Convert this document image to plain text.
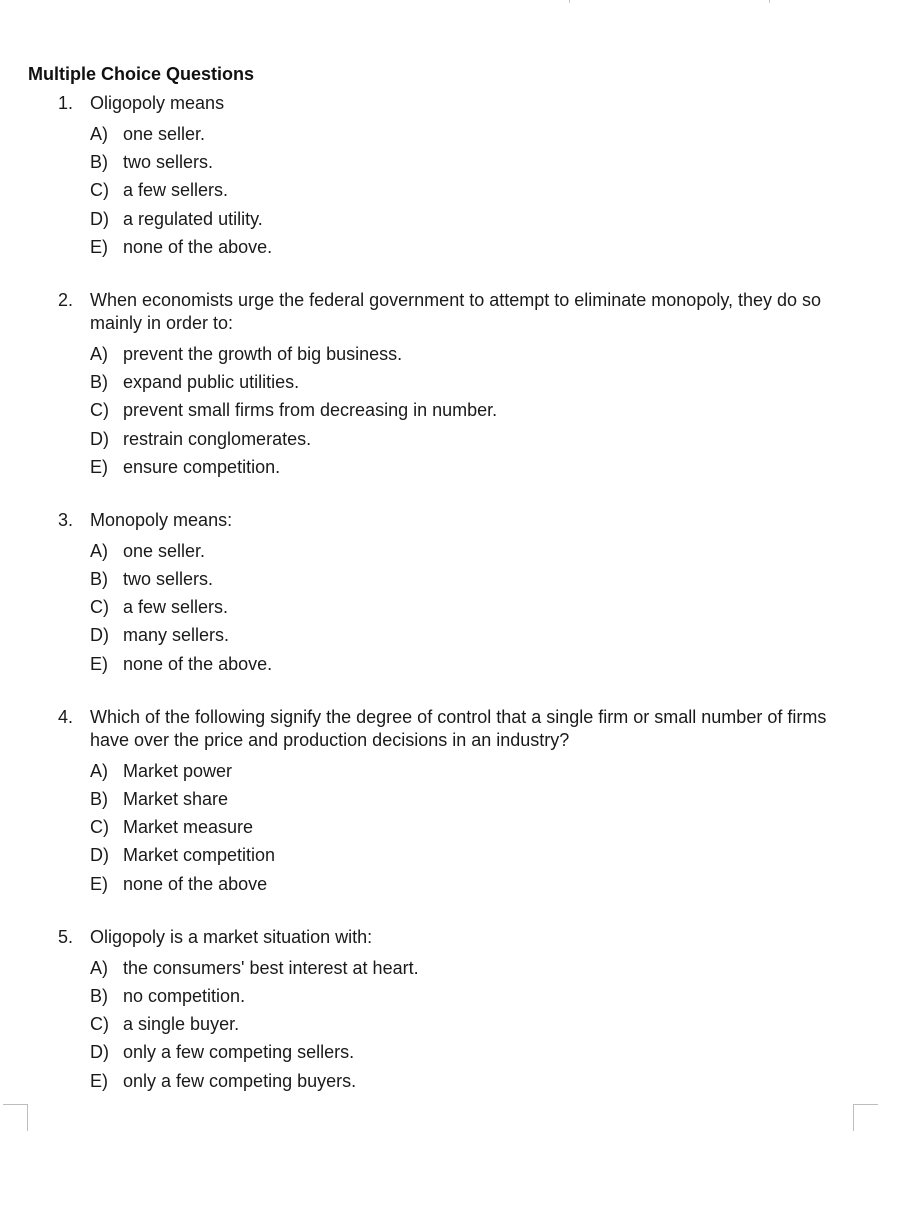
Multiple Choice Questions
1. Oligopoly means
A) one seller.
B) two sellers.
C) a few sellers.
D) a regulated utility.
E) none of the above.
2. When economists urge the federal government to attempt to eliminate monopoly, they do so mainly in order to:
A) prevent the growth of big business.
B) expand public utilities.
C) prevent small firms from decreasing in number.
D) restrain conglomerates.
E) ensure competition.
3. Monopoly means:
A) one seller.
B) two sellers.
C) a few sellers.
D) many sellers.
E) none of the above.
4. Which of the following signify the degree of control that a single firm or small number of firms have over the price and production decisions in an industry?
A) Market power
B) Market share
C) Market measure
D) Market competition
E) none of the above
5. Oligopoly is a market situation with:
A) the consumers' best interest at heart.
B) no competition.
C) a single buyer.
D) only a few competing sellers.
E) only a few competing buyers.
